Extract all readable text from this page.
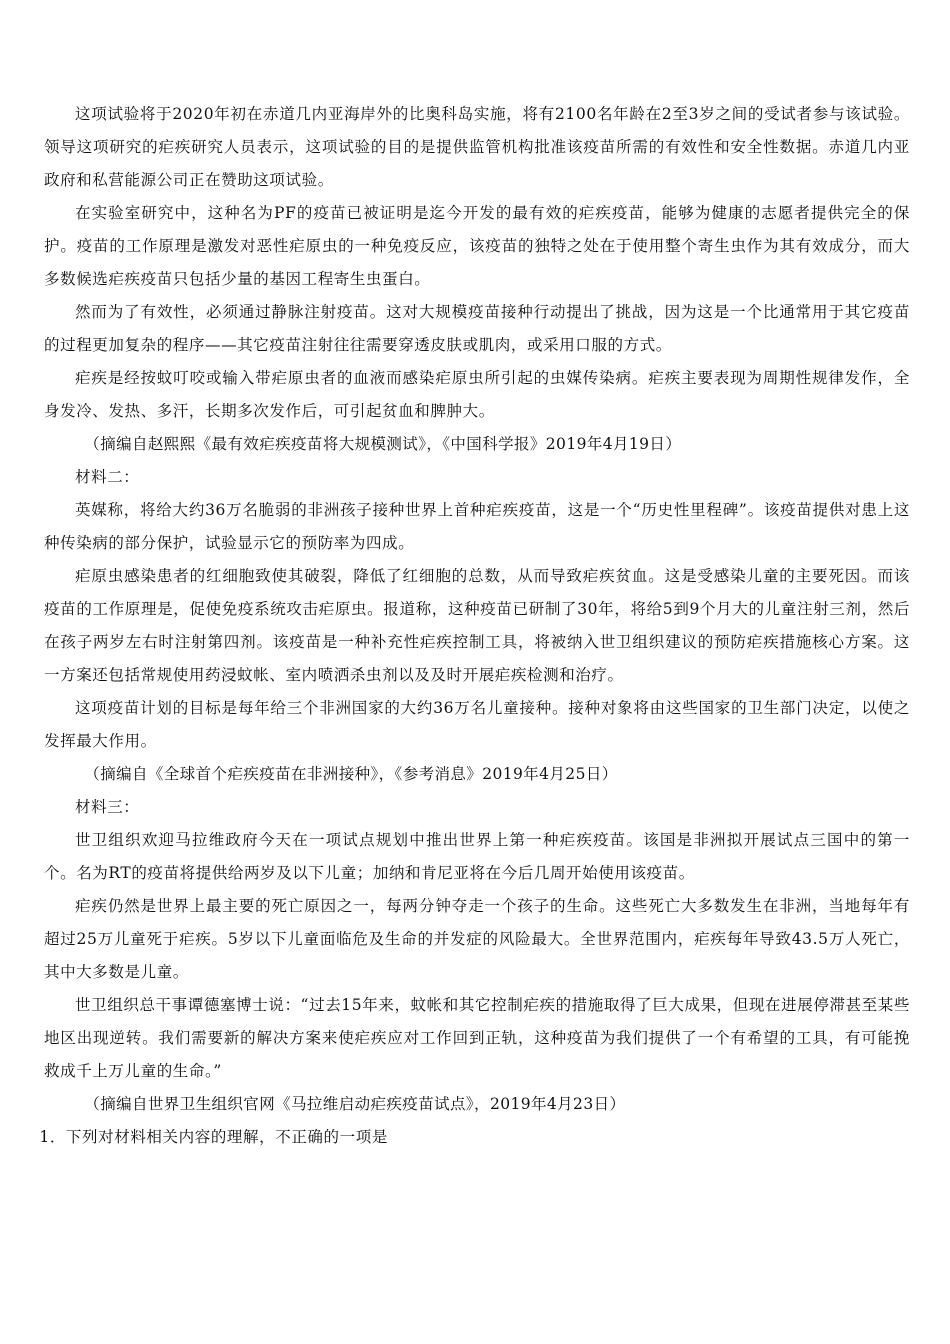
这项试验将于2020年初在赤道几内亚海岸外的比奥科岛实施，将有2100名年龄在2至3岁之间的受试者参与该试验。领导这项研究的疟疾研究人员表示，这项试验的目的是提供监管机构批准该疫苗所需的有效性和安全性数据。赤道几内亚政府和私营能源公司正在赞助这项试验。

在实验室研究中，这种名为PF的疫苗已被证明是迄今开发的最有效的疟疾疫苗，能够为健康的志愿者提供完全的保护。疫苗的工作原理是激发对恶性疟原虫的一种免疫反应，该疫苗的独特之处在于使用整个寄生虫作为其有效成分，而大多数候选疟疾疫苗只包括少量的基因工程寄生虫蛋白。

然而为了有效性，必须通过静脉注射疫苗。这对大规模疫苗接种行动提出了挑战，因为这是一个比通常用于其它疫苗的过程更加复杂的程序——其它疫苗注射往往需要穿透皮肤或肌肉，或采用口服的方式。

疟疾是经按蚊叮咬或输入带疟原虫者的血液而感染疟原虫所引起的虫媒传染病。疟疾主要表现为周期性规律发作，全身发冷、发热、多汗，长期多次发作后，可引起贫血和脾肿大。

（摘编自赵熙熙《最有效疟疾疫苗将大规模测试》，《中国科学报》2019年4月19日）

材料二：

英媒称，将给大约36万名脆弱的非洲孩子接种世界上首种疟疾疫苗，这是一个“历史性里程碑”。该疫苗提供对患上这种传染病的部分保护，试验显示它的预防率为四成。

疟原虫感染患者的红细胞致使其破裂，降低了红细胞的总数，从而导致疟疾贫血。这是受感染儿童的主要死因。而该疫苗的工作原理是，促使免疫系统攻击疟原虫。报道称，这种疫苗已研制了30年，将给5到9个月大的儿童注射三剂，然后在孩子两岁左右时注射第四剂。该疫苗是一种补充性疟疾控制工具，将被纳入世卫组织建议的预防疟疾措施核心方案。这一方案还包括常规使用药浸蚊帐、室内喷洒杀虫剂以及及时开展疟疾检测和治疗。

这项疫苗计划的目标是每年给三个非洲国家的大约36万名儿童接种。接种对象将由这些国家的卫生部门决定，以使之发挥最大作用。

（摘编自《全球首个疟疾疫苗在非洲接种》，《参考消息》2019年4月25日）

材料三：

世卫组织欢迎马拉维政府今天在一项试点规划中推出世界上第一种疟疾疫苗。该国是非洲拟开展试点三国中的第一个。名为RT的疫苗将提供给两岁及以下儿童；加纳和肯尼亚将在今后几周开始使用该疫苗。

疟疾仍然是世界上最主要的死亡原因之一，每两分钟夺走一个孩子的生命。这些死亡大多数发生在非洲，当地每年有超过25万儿童死于疟疾。5岁以下儿童面临危及生命的并发症的风险最大。全世界范围内，疟疾每年导致43.5万人死亡，其中大多数是儿童。

世卫组织总干事谭德塞博士说：“过去15年来，蚊帐和其它控制疟疾的措施取得了巨大成果，但现在进展停滞甚至某些地区出现逆转。我们需要新的解决方案来使疟疾应对工作回到正轨，这种疫苗为我们提供了一个有希望的工具，有可能挽救成千上万儿童的生命。”

（摘编自世界卫生组织官网《马拉维启动疟疾疫苗试点》，2019年4月23日）

1．下列对材料相关内容的理解，不正确的一项是
